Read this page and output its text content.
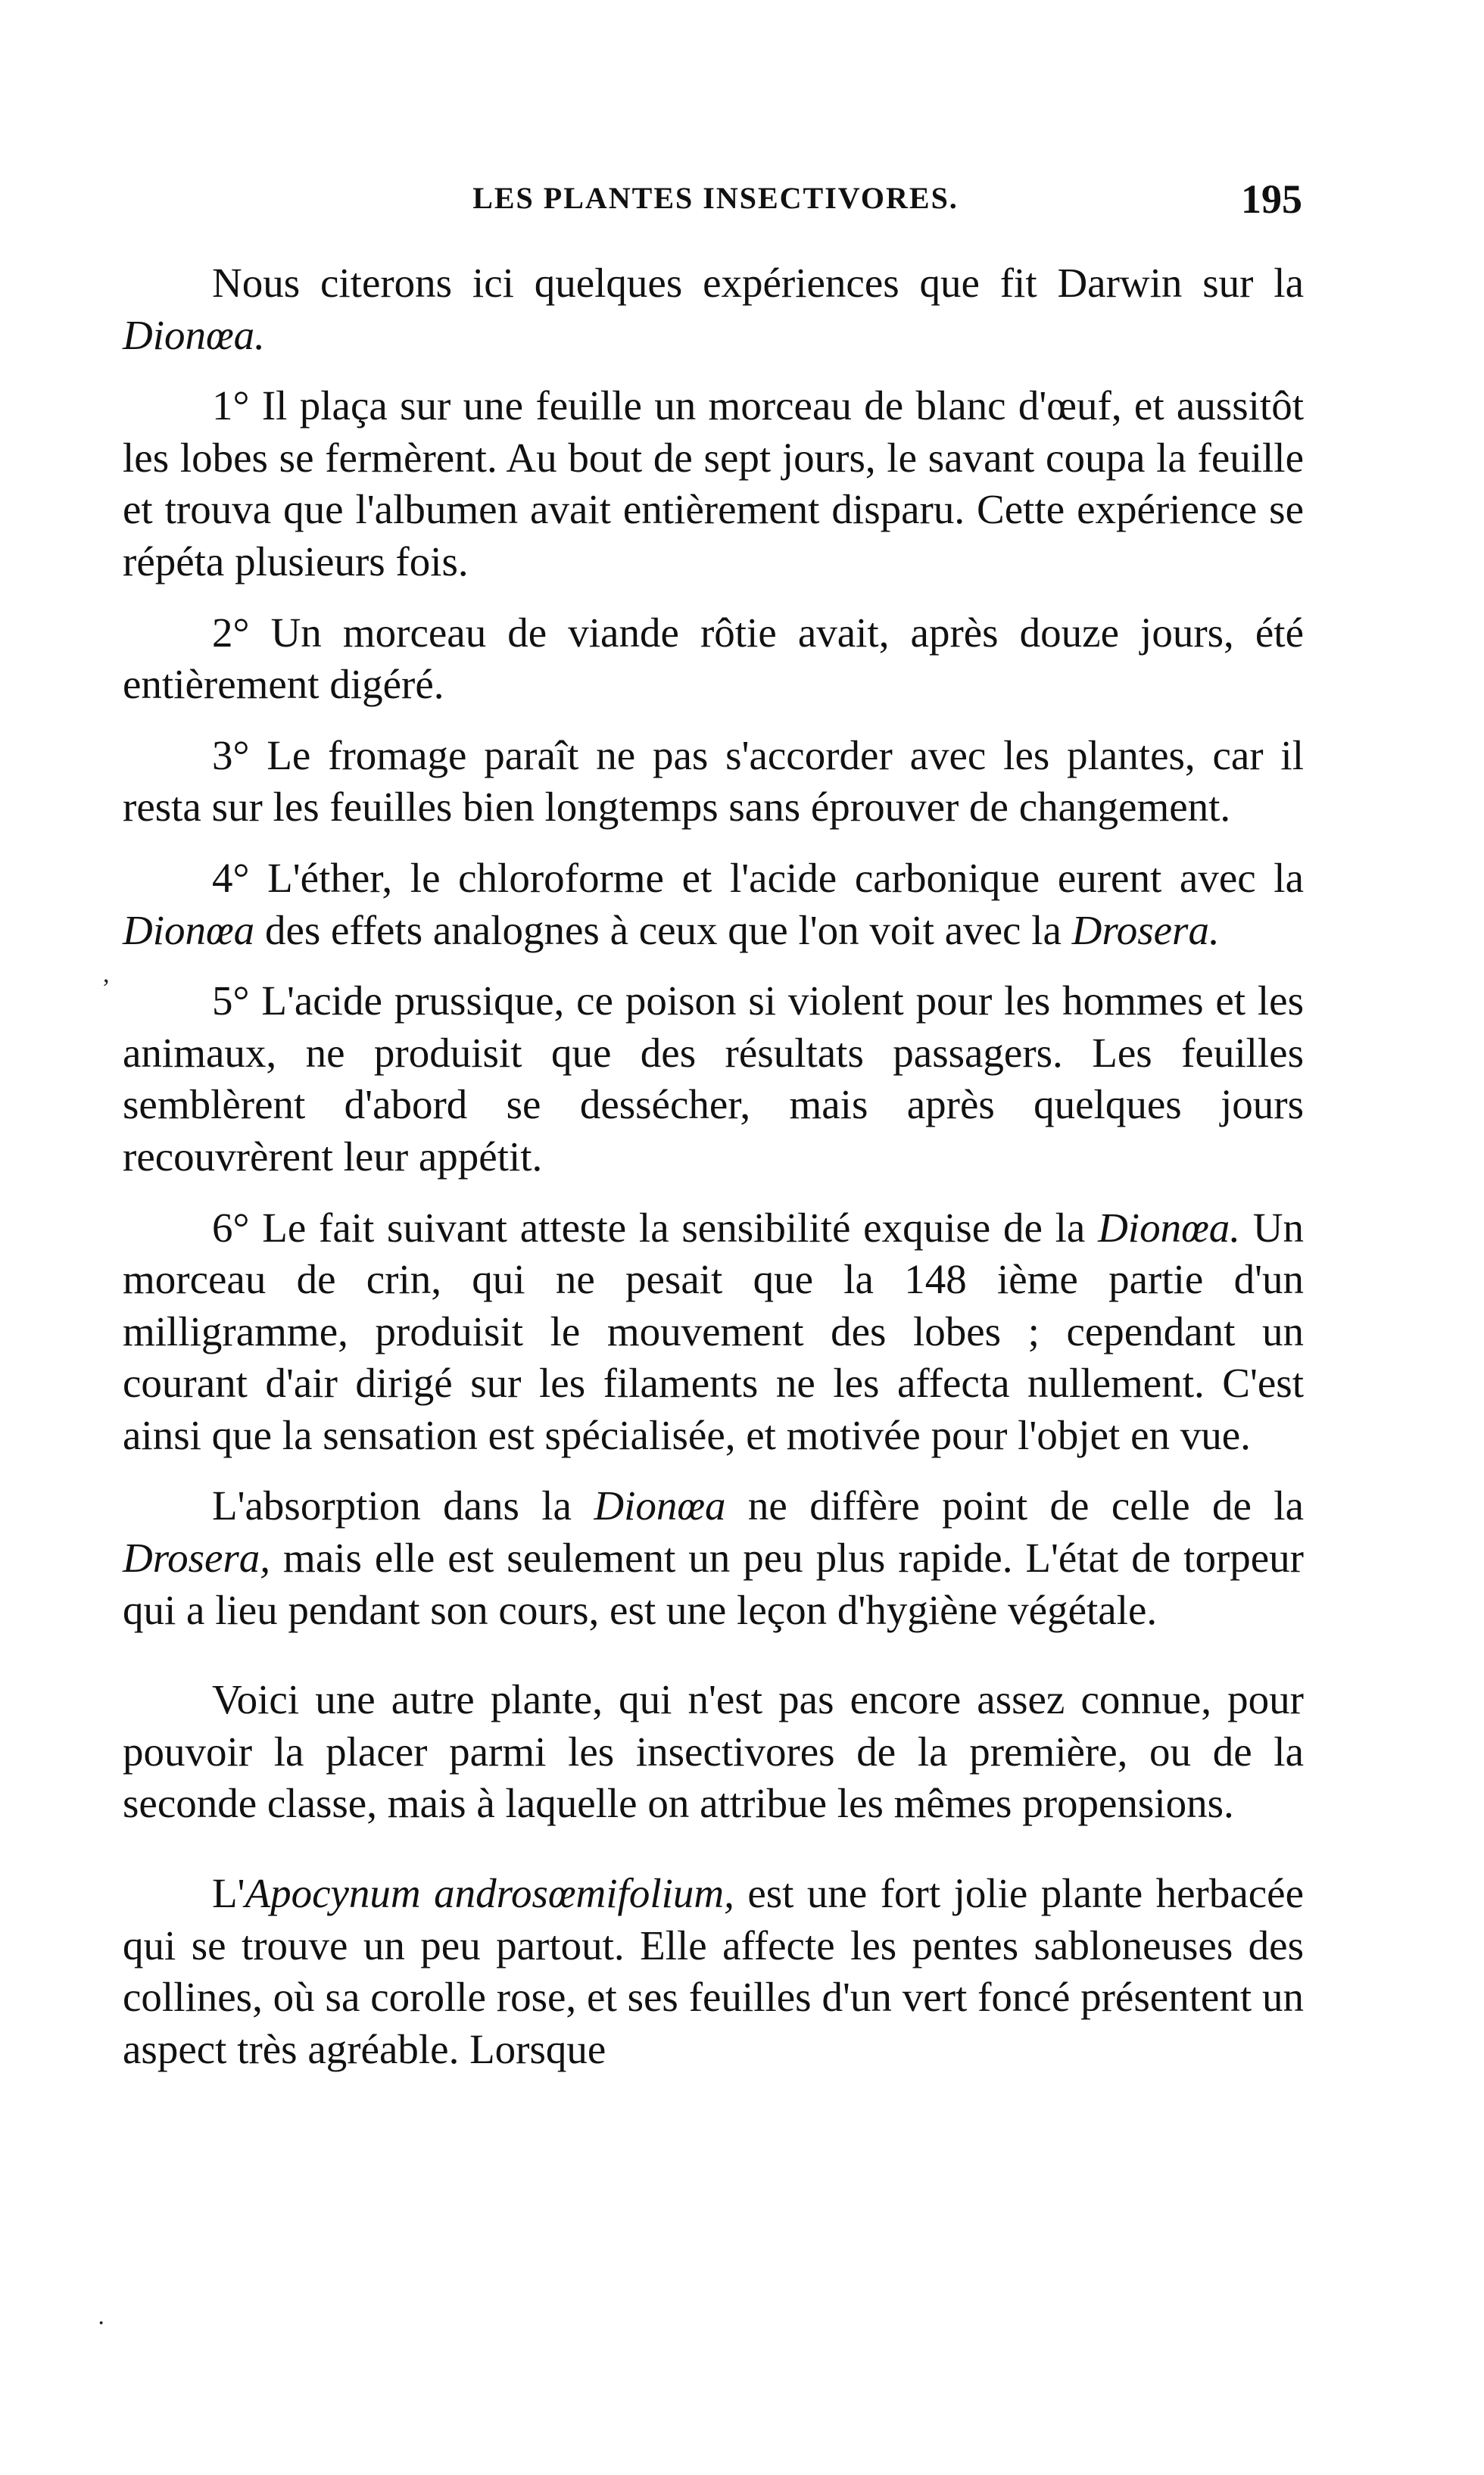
LES PLANTES INSECTIVORES.	195
,
·

Nous citerons ici quelques expériences que fit Darwin sur la Dionœa.

1° Il plaça sur une feuille un morceau de blanc d'œuf, et aussitôt les lobes se fermèrent. Au bout de sept jours, le savant coupa la feuille et trouva que l'albumen avait entièrement disparu. Cette expérience se répéta plusieurs fois.

2° Un morceau de viande rôtie avait, après douze jours, été entièrement digéré.

3° Le fromage paraît ne pas s'accorder avec les plantes, car il resta sur les feuilles bien longtemps sans éprouver de changement.

4° L'éther, le chloroforme et l'acide carbonique eurent avec la Dionœa des effets analognes à ceux que l'on voit avec la Drosera.

5° L'acide prussique, ce poison si violent pour les hommes et les animaux, ne produisit que des résultats passagers. Les feuilles semblèrent d'abord se dessécher, mais après quelques jours recouvrèrent leur appétit.

6° Le fait suivant atteste la sensibilité exquise de la Dionœa. Un morceau de crin, qui ne pesait que la 148 ième partie d'un milligramme, produisit le mouvement des lobes ; cependant un courant d'air dirigé sur les filaments ne les affecta nullement. C'est ainsi que la sensation est spécialisée, et motivée pour l'objet en vue.

L'absorption dans la Dionœa ne diffère point de celle de la Drosera, mais elle est seulement un peu plus rapide. L'état de torpeur qui a lieu pendant son cours, est une leçon d'hygiène végétale.

Voici une autre plante, qui n'est pas encore assez connue, pour pouvoir la placer parmi les insectivores de la première, ou de la seconde classe, mais à laquelle on attribue les mêmes propensions.

L'Apocynum androsœmifolium, est une fort jolie plante herbacée qui se trouve un peu partout. Elle affecte les pentes sabloneuses des collines, où sa corolle rose, et ses feuilles d'un vert foncé présentent un aspect très agréable. Lorsque
